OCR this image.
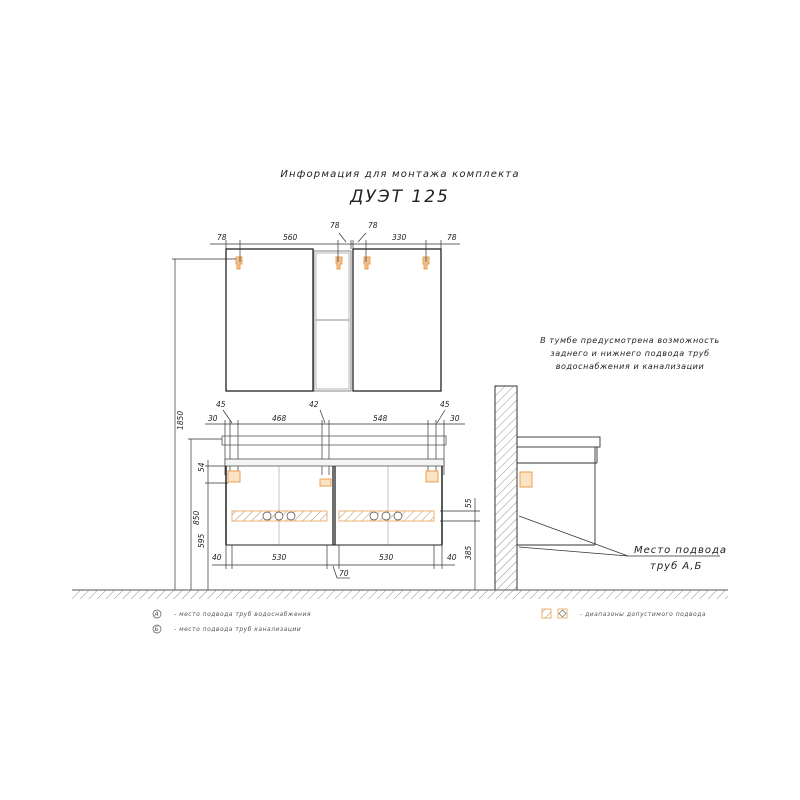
Информация для монтажа комплекта
ДУЭТ 125
78	560
78	78
330	78
1850
850
54
595
45
30	468
42
548
45
30
40	530
70
530	40
55
385
В тумбе предусмотрена возможность
заднего и нижнего подвода труб
водоснабжения и канализации
Место подвода
труб А,Б
А - место подвода труб водоснабжения
Б - место подвода труб канализации
- диапазоны допустимого подвода
